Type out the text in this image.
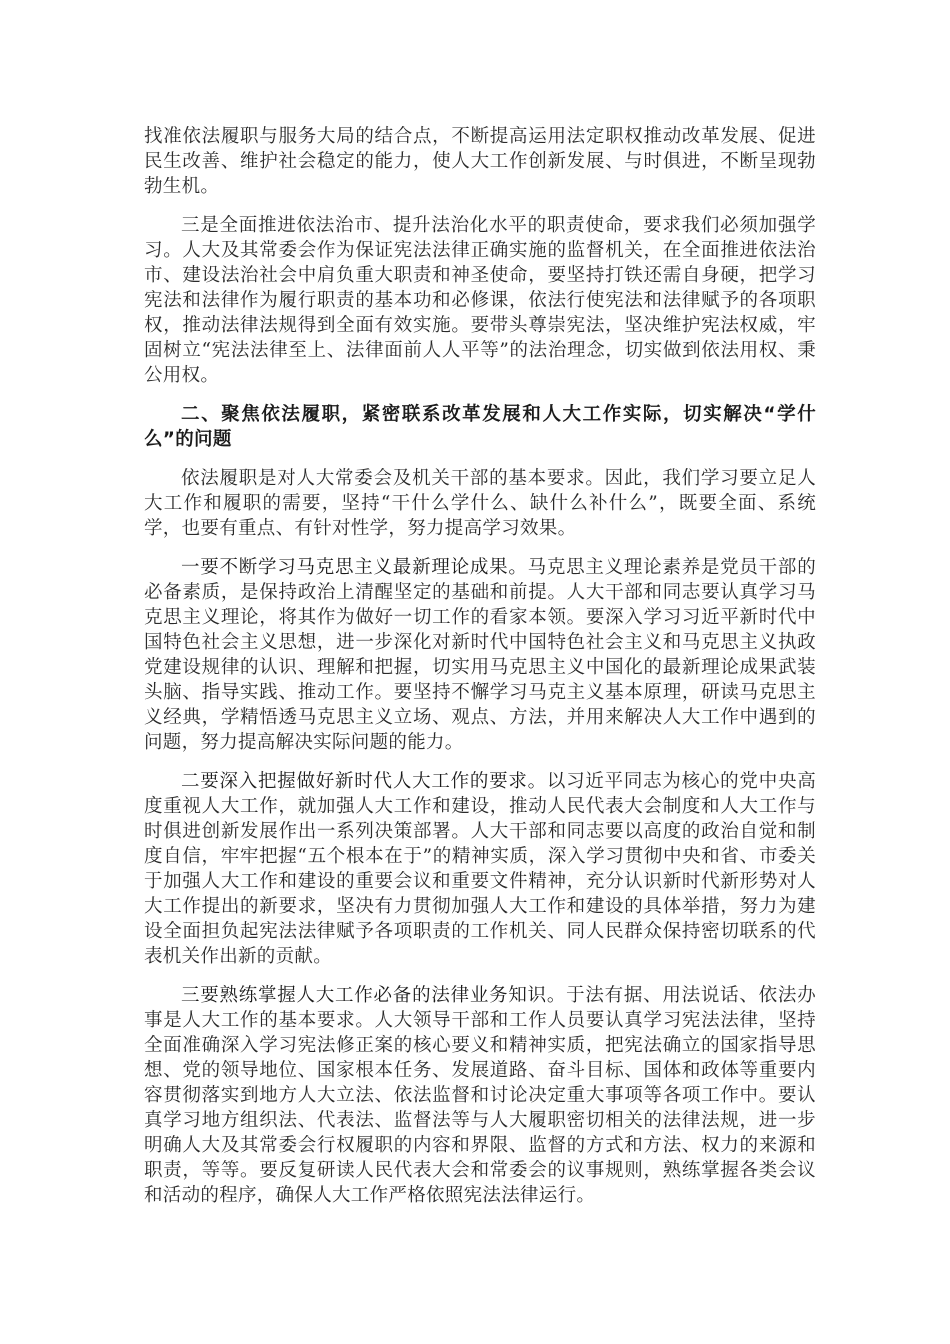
找准依法履职与服务大局的结合点，不断提高运用法定职权推动改革发展、促进民生改善、维护社会稳定的能力，使人大工作创新发展、与时俱进，不断呈现勃勃生机。

三是全面推进依法治市、提升法治化水平的职责使命，要求我们必须加强学习。人大及其常委会作为保证宪法法律正确实施的监督机关，在全面推进依法治市、建设法治社会中肩负重大职责和神圣使命，要坚持打铁还需自身硬，把学习宪法和法律作为履行职责的基本功和必修课，依法行使宪法和法律赋予的各项职权，推动法律法规得到全面有效实施。要带头尊崇宪法，坚决维护宪法权威，牢固树立“宪法法律至上、法律面前人人平等”的法治理念，切实做到依法用权、秉公用权。

二、聚焦依法履职，紧密联系改革发展和人大工作实际，切实解决“学什么”的问题

依法履职是对人大常委会及机关干部的基本要求。因此，我们学习要立足人大工作和履职的需要，坚持“干什么学什么、缺什么补什么”，既要全面、系统学，也要有重点、有针对性学，努力提高学习效果。

一要不断学习马克思主义最新理论成果。马克思主义理论素养是党员干部的必备素质，是保持政治上清醒坚定的基础和前提。人大干部和同志要认真学习马克思主义理论，将其作为做好一切工作的看家本领。要深入学习习近平新时代中国特色社会主义思想，进一步深化对新时代中国特色社会主义和马克思主义执政党建设规律的认识、理解和把握，切实用马克思主义中国化的最新理论成果武装头脑、指导实践、推动工作。要坚持不懈学习马克主义基本原理，研读马克思主义经典，学精悟透马克思主义立场、观点、方法，并用来解决人大工作中遇到的问题，努力提高解决实际问题的能力。

二要深入把握做好新时代人大工作的要求。以习近平同志为核心的党中央高度重视人大工作，就加强人大工作和建设，推动人民代表大会制度和人大工作与时俱进创新发展作出一系列决策部署。人大干部和同志要以高度的政治自觉和制度自信，牢牢把握“五个根本在于”的精神实质，深入学习贯彻中央和省、市委关于加强人大工作和建设的重要会议和重要文件精神，充分认识新时代新形势对人大工作提出的新要求，坚决有力贯彻加强人大工作和建设的具体举措，努力为建设全面担负起宪法法律赋予各项职责的工作机关、同人民群众保持密切联系的代表机关作出新的贡献。

三要熟练掌握人大工作必备的法律业务知识。于法有据、用法说话、依法办事是人大工作的基本要求。人大领导干部和工作人员要认真学习宪法法律，坚持全面准确深入学习宪法修正案的核心要义和精神实质，把宪法确立的国家指导思想、党的领导地位、国家根本任务、发展道路、奋斗目标、国体和政体等重要内容贯彻落实到地方人大立法、依法监督和讨论决定重大事项等各项工作中。要认真学习地方组织法、代表法、监督法等与人大履职密切相关的法律法规，进一步明确人大及其常委会行权履职的内容和界限、监督的方式和方法、权力的来源和职责，等等。要反复研读人民代表大会和常委会的议事规则，熟练掌握各类会议和活动的程序，确保人大工作严格依照宪法法律运行。
